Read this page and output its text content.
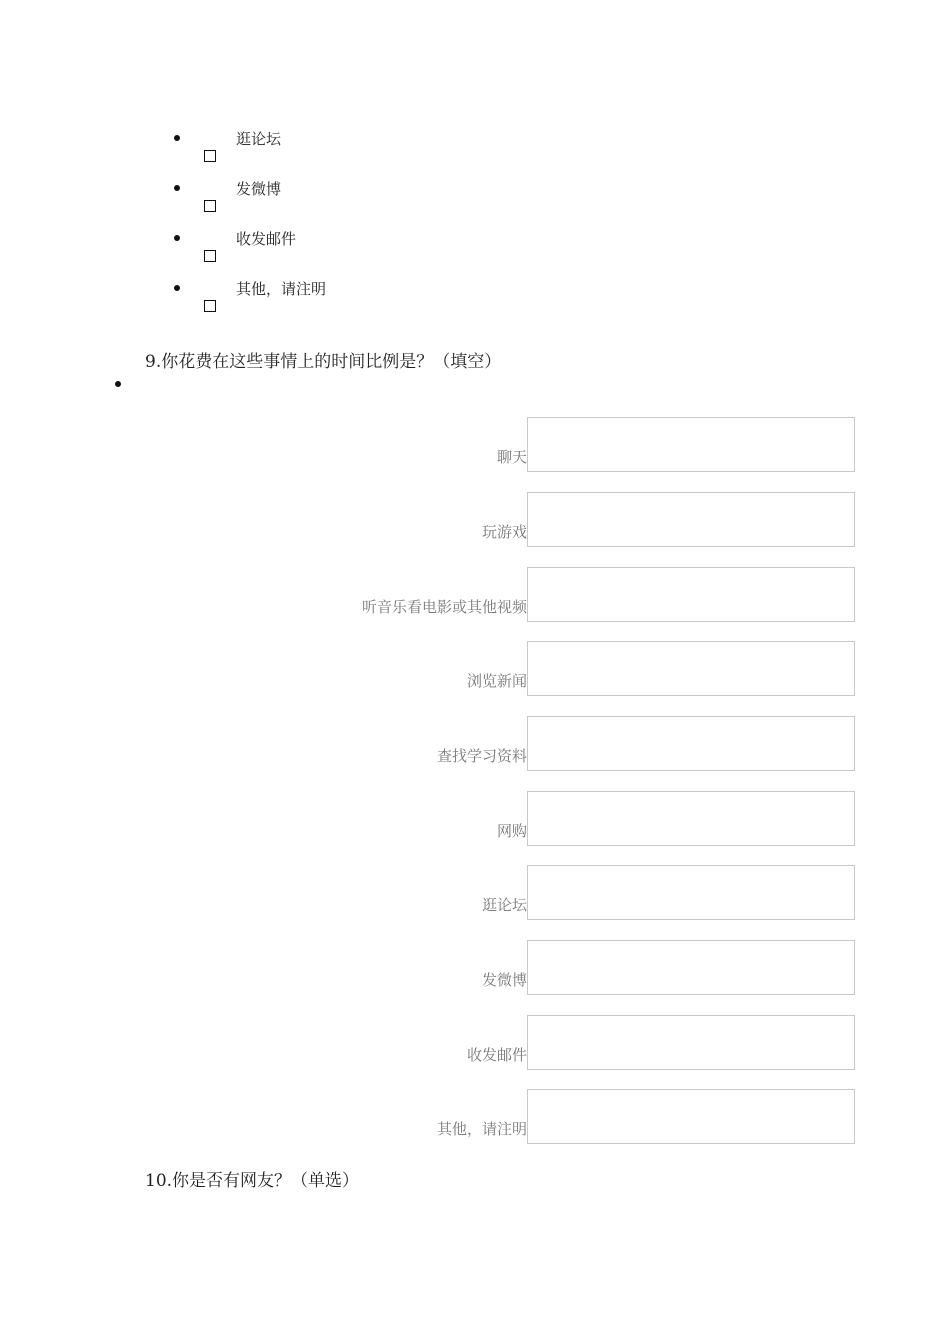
逛论坛
发微博
收发邮件
其他，请注明
9.你花费在这些事情上的时间比例是？（填空）
聊天
玩游戏
听音乐看电影或其他视频
浏览新闻
查找学习资料
网购
逛论坛
发微博
收发邮件
其他，请注明
10.你是否有网友？（单选）
